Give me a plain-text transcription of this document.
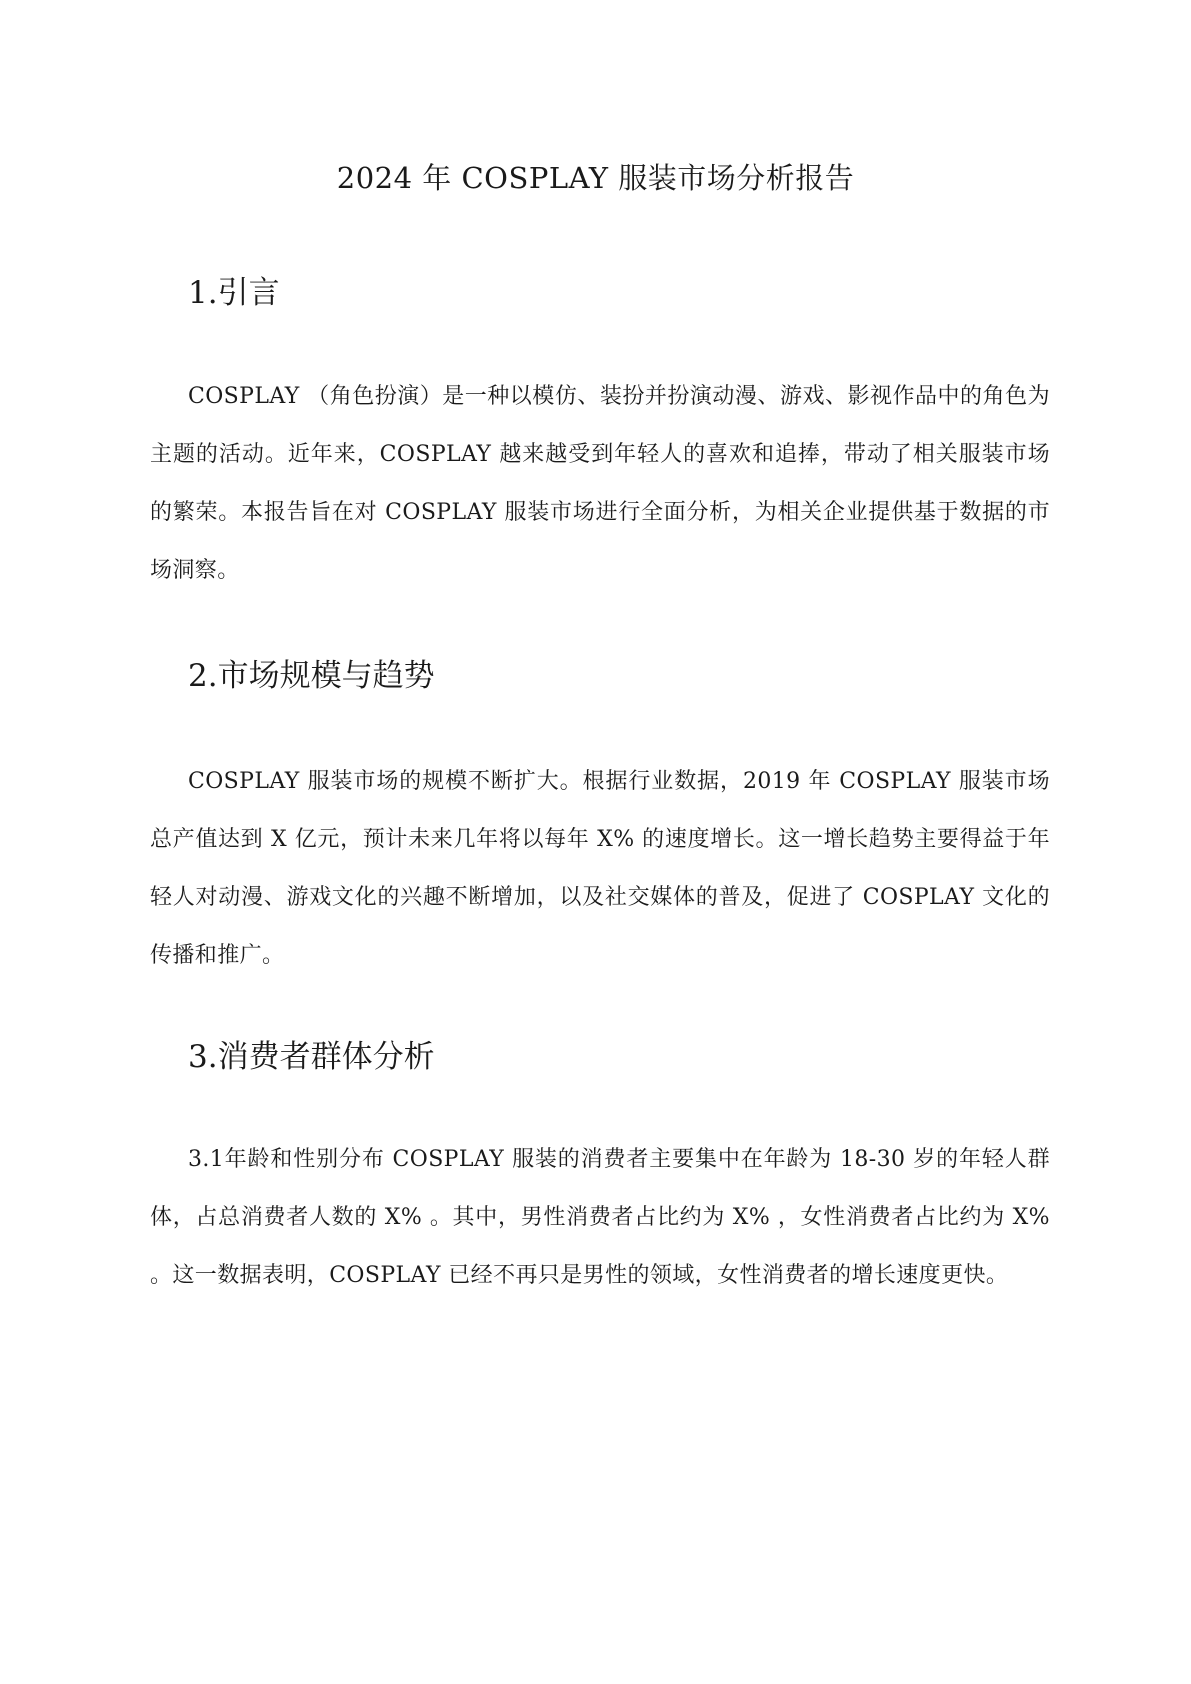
2024 年 COSPLAY 服装市场分析报告
1.引言

COSPLAY （角色扮演）是一种以模仿、装扮并扮演动漫、游戏、影视作品中的角色为主题的活动。近年来，COSPLAY 越来越受到年轻人的喜欢和追捧，带动了相关服装市场的繁荣。本报告旨在对 COSPLAY 服装市场进行全面分析，为相关企业提供基于数据的市场洞察。

2.市场规模与趋势

COSPLAY 服装市场的规模不断扩大。根据行业数据，2019 年 COSPLAY 服装市场总产值达到 X 亿元，预计未来几年将以每年 X% 的速度增长。这一增长趋势主要得益于年轻人对动漫、游戏文化的兴趣不断增加，以及社交媒体的普及，促进了 COSPLAY 文化的传播和推广。

3.消费者群体分析

3.1年龄和性别分布 COSPLAY 服装的消费者主要集中在年龄为 18-30 岁的年轻人群体，占总消费者人数的 X% 。其中，男性消费者占比约为 X% ，女性消费者占比约为 X% 。这一数据表明，COSPLAY 已经不再只是男性的领域，女性消费者的增长速度更快。
